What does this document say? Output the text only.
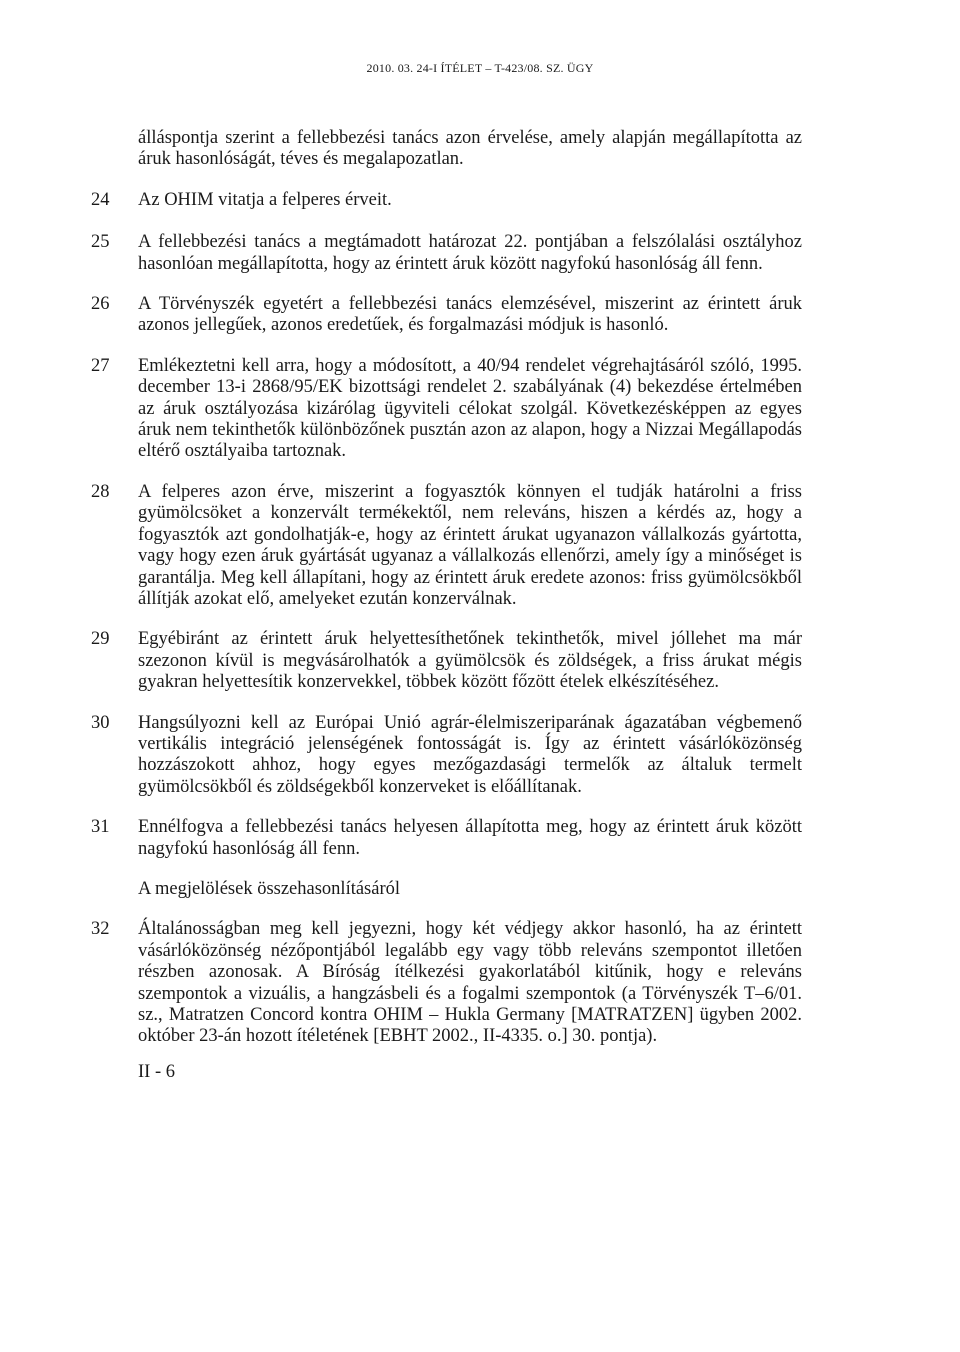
2010. 03. 24-I ÍTÉLET – T-423/08. SZ. ÜGY
álláspontja szerint a fellebbezési tanács azon érvelése, amely alapján megállapította az áruk hasonlóságát, téves és megalapozatlan.
24 Az OHIM vitatja a felperes érveit.
25 A fellebbezési tanács a megtámadott határozat 22. pontjában a felszólalási osztályhoz hasonlóan megállapította, hogy az érintett áruk között nagyfokú hasonlóság áll fenn.
26 A Törvényszék egyetért a fellebbezési tanács elemzésével, miszerint az érintett áruk azonos jellegűek, azonos eredetűek, és forgalmazási módjuk is hasonló.
27 Emlékeztetni kell arra, hogy a módosított, a 40/94 rendelet végrehajtásáról szóló, 1995. december 13-i 2868/95/EK bizottsági rendelet 2. szabályának (4) bekezdése értelmében az áruk osztályozása kizárólag ügyviteli célokat szolgál. Következésképpen az egyes áruk nem tekinthetők különbözőnek pusztán azon az alapon, hogy a Nizzai Megállapodás eltérő osztályaiba tartoznak.
28 A felperes azon érve, miszerint a fogyasztók könnyen el tudják határolni a friss gyümölcsöket a konzervált termékektől, nem releváns, hiszen a kérdés az, hogy a fogyasztók azt gondolhatják-e, hogy az érintett árukat ugyanazon vállalkozás gyártotta, vagy hogy ezen áruk gyártását ugyanaz a vállalkozás ellenőrzi, amely így a minőséget is garantálja. Meg kell állapítani, hogy az érintett áruk eredete azonos: friss gyümölcsökből állítják azokat elő, amelyeket ezután konzerválnak.
29 Egyébiránt az érintett áruk helyettesíthetőnek tekinthetők, mivel jóllehet ma már szezonon kívül is megvásárolhatók a gyümölcsök és zöldségek, a friss árukat mégis gyakran helyettesítik konzervekkel, többek között főzött ételek elkészítéséhez.
30 Hangsúlyozni kell az Európai Unió agrár-élelmiszeriparának ágazatában végbemenő vertikális integráció jelenségének fontosságát is. Így az érintett vásárlóközönség hozzászokott ahhoz, hogy egyes mezőgazdasági termelők az általuk termelt gyümölcsökből és zöldségekből konzerveket is előállítanak.
31 Ennélfogva a fellebbezési tanács helyesen állapította meg, hogy az érintett áruk között nagyfokú hasonlóság áll fenn.
A megjelölések összehasonlításáról
32 Általánosságban meg kell jegyezni, hogy két védjegy akkor hasonló, ha az érintett vásárlóközönség nézőpontjából legalább egy vagy több releváns szempontot illetően részben azonosak. A Bíróság ítélkezési gyakorlatából kitűnik, hogy e releváns szempontok a vizuális, a hangzásbeli és a fogalmi szempontok (a Törvényszék T–6/01. sz., Matratzen Concord kontra OHIM – Hukla Germany [MATRATZEN] ügyben 2002. október 23-án hozott ítéletének [EBHT 2002., II-4335. o.] 30. pontja).
II - 6
